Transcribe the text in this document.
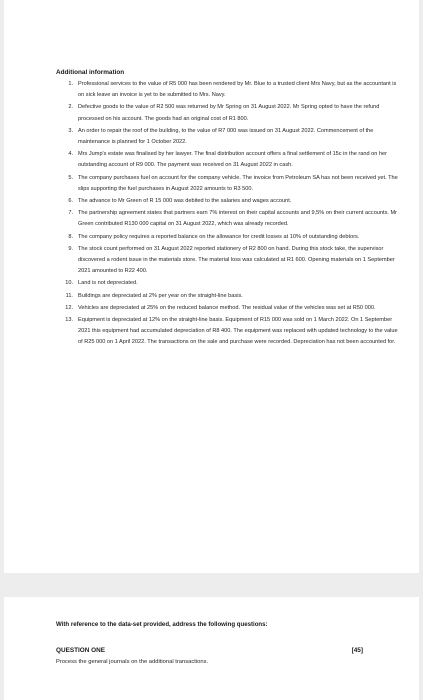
Additional information
1. Professional services to the value of R5 000 has been rendered by Mr. Blue to a trusted client Mrs Navy, but as the accountant is on sick leave an invoice is yet to be submitted to Mrs. Navy.
2. Defective goods to the value of R2 500 was returned by Mr Spring on 31 August 2022. Mr Spring opted to have the refund processed on his account. The goods had an original cost of R1 800.
3. An order to repair the roof of the building, to the value of R7 000 was issued on 31 August 2022. Commencement of the maintenance is planned for 1 October 2022.
4. Mrs Jump's estate was finalised by her lawyer. The final distribution account offers a final settlement of 15c in the rand on her outstanding account of R9 000. The payment was received on 31 August 2022 in cash.
5. The company purchases fuel on account for the company vehicle. The invoice from Petroleum SA has not been received yet. The slips supporting the fuel purchases in August 2022 amounts to R3 500.
6. The advance to Mr Green of R 15 000 was debited to the salaries and wages account.
7. The partnership agreement states that partners earn 7% interest on their capital accounts and 9,5% on their current accounts. Mr Green contributed R130 000 capital on 31 August 2022, which was already recorded.
8. The company policy requires a reported balance on the allowance for credit losses at 10% of outstanding debtors.
9. The stock count performed on 31 August 2022 reported stationery of R2 800 on hand. During this stock take, the supervisor discovered a rodent issue in the materials store. The material loss was calculated at R1 600. Opening materials on 1 September 2021 amounted to R22 400.
10. Land is not depreciated.
11. Buildings are depreciated at 2% per year on the straight-line basis.
12. Vehicles are depreciated at 25% on the reduced balance method. The residual value of the vehicles was set at R50 000.
13. Equipment is depreciated at 12% on the straight-line basis. Equipment of R15 000 was sold on 1 March 2022. On 1 September 2021 this equipment had accumulated depreciation of R8 400. The equipment was replaced with updated technology to the value of R25 000 on 1 April 2022. The transactions on the sale and purchase were recorded. Depreciation has not been accounted for.
With reference to the data-set provided, address the following questions:
QUESTION ONE	[45]
Process the general journals on the additional transactions.
